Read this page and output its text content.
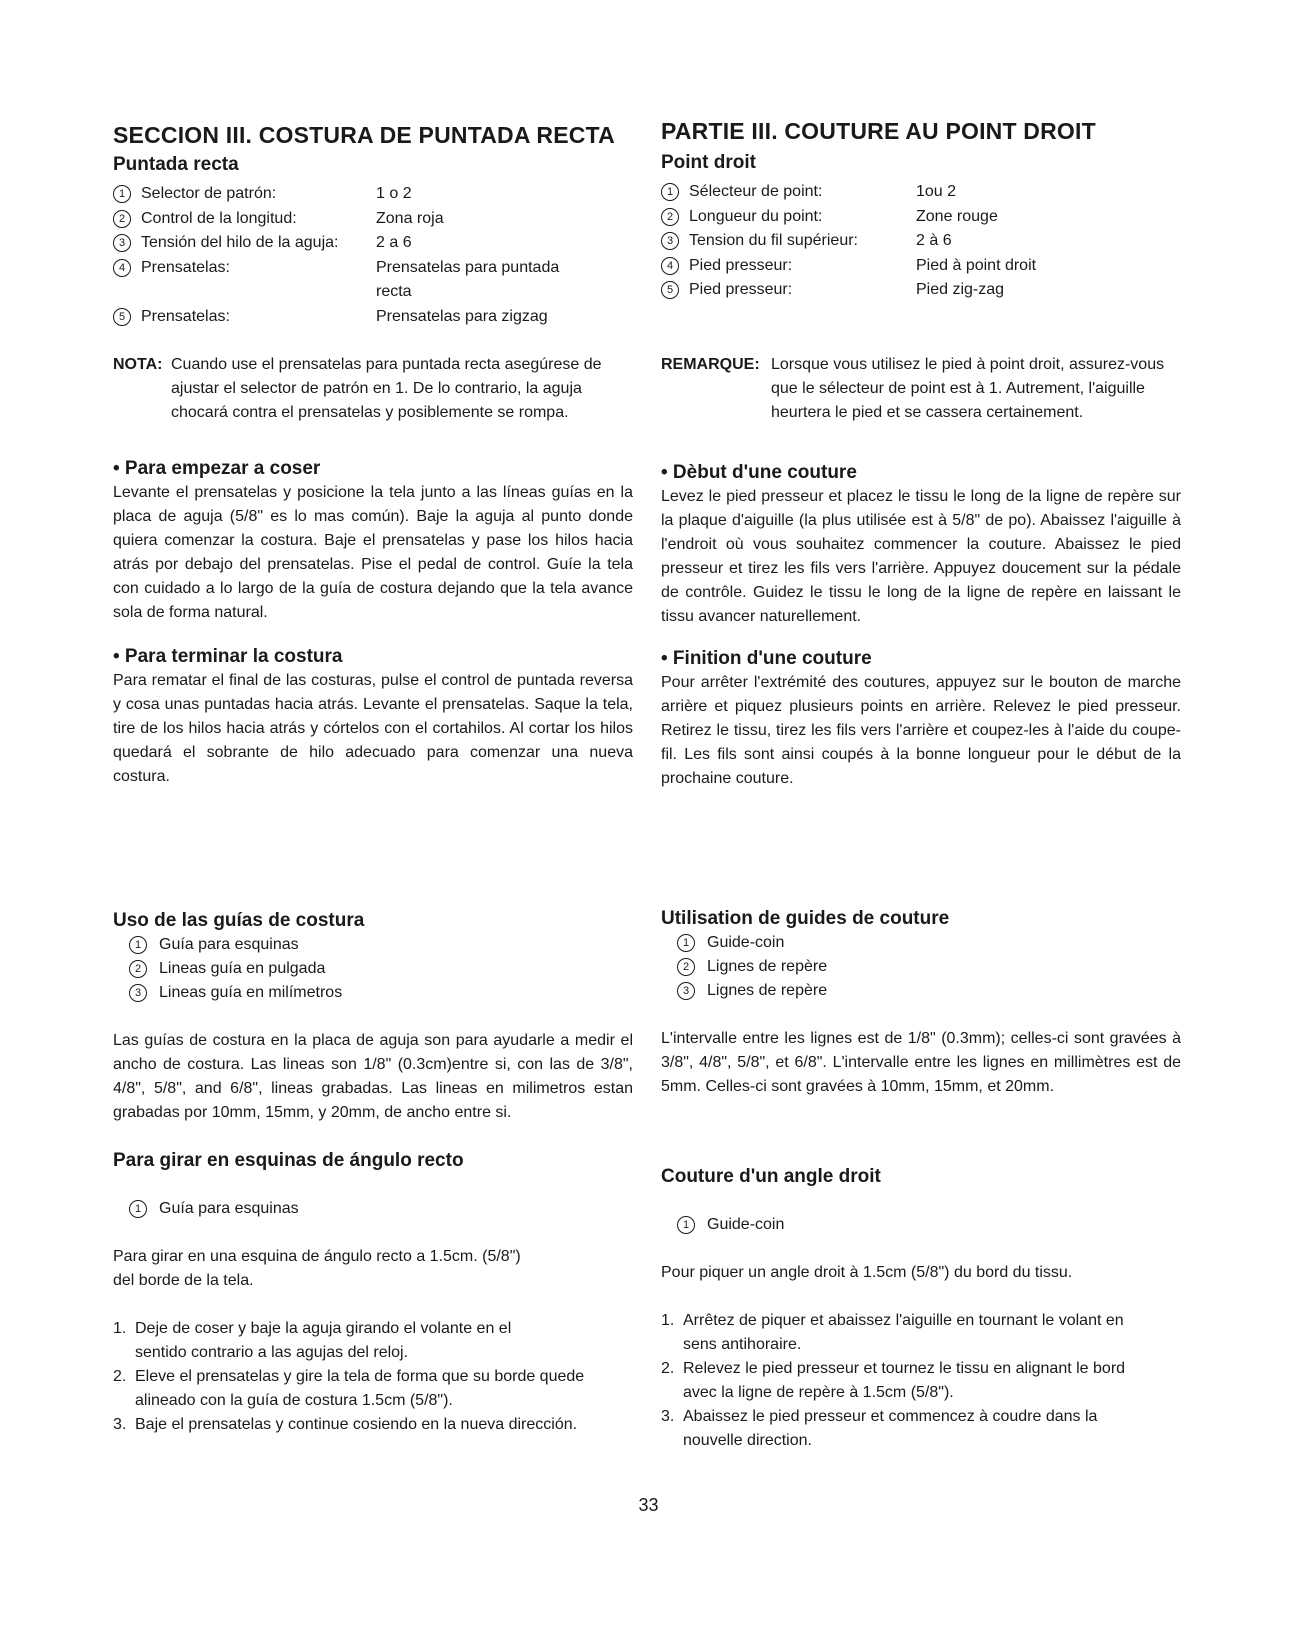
SECCION III. COSTURA DE PUNTADA RECTA
Puntada recta
1 Selector de patrón:	1 o 2
2 Control de la longitud:	Zona roja
3 Tensión del hilo de la aguja:	2 a 6
4 Prensatelas:	Prensatelas para puntada recta
5 Prensatelas:	Prensatelas para zigzag
NOTA: Cuando use el prensatelas para puntada recta asegúrese de ajustar el selector de patrón en 1. De lo contrario, la aguja chocará contra el prensatelas y posiblemente se rompa.
• Para empezar a coser

Levante el prensatelas y posicione la tela junto a las líneas guías en la placa de aguja (5/8" es lo mas común). Baje la aguja al punto donde quiera comenzar la costura. Baje el prensatelas y pase los hilos hacia atrás por debajo del prensatelas. Pise el pedal de control. Guíe la tela con cuidado a lo largo de la guía de costura dejando que la tela avance sola de forma natural.

• Para terminar la costura

Para rematar el final de las costuras, pulse el control de puntada reversa y cosa unas puntadas hacia atrás. Levante el prensatelas. Saque la tela, tire de los hilos hacia atrás y córtelos con el cortahilos. Al cortar los hilos quedará el sobrante de hilo adecuado para comenzar una nueva costura.

Uso de las guías de costura
1	Guía para esquinas
2	Lineas guía en pulgada
3	Lineas guía en milímetros

Las guías de costura en la placa de aguja son para ayudarle a medir el ancho de costura. Las lineas son 1/8" (0.3cm)entre si, con las de 3/8", 4/8", 5/8", and 6/8", lineas grabadas. Las lineas en milimetros estan grabadas por 10mm, 15mm, y 20mm, de ancho entre si.

Para girar en esquinas de ángulo recto
1	Guía para esquinas

Para girar en una esquina de ángulo recto a 1.5cm. (5/8") del borde de la tela.

1. Deje de coser y baje la aguja girando el volante en el sentido contrario a las agujas del reloj.
2. Eleve el prensatelas y gire la tela de forma que su borde quede alineado con la guía de costura 1.5cm (5/8").
3. Baje el prensatelas y continue cosiendo en la nueva dirección.
PARTIE III. COUTURE AU POINT DROIT
Point droit
1 Sélecteur de point:	1ou 2
2 Longueur du point:	Zone rouge
3 Tension du fil supérieur:	2 à 6
4 Pied presseur:	Pied à point droit
5 Pied presseur:	Pied zig-zag
REMARQUE: Lorsque vous utilisez le pied à point droit, assurez-vous que le sélecteur de point est à 1. Autrement, l'aiguille heurtera le pied et se cassera certainement.
• Dèbut d'une couture

Levez le pied presseur et placez le tissu le long de la ligne de repère sur la plaque d'aiguille (la plus utilisée est à 5/8" de po). Abaissez l'aiguille à l'endroit où vous souhaitez commencer la couture. Abaissez le pied presseur et tirez les fils vers l'arrière. Appuyez doucement sur la pédale de contrôle. Guidez le tissu le long de la ligne de repère en laissant le tissu avancer naturellement.

• Finition d'une couture

Pour arrêter l'extrémité des coutures, appuyez sur le bouton de marche arrière et piquez plusieurs points en arrière. Relevez le pied presseur. Retirez le tissu, tirez les fils vers l'arrière et coupez-les à l'aide du coupe-fil. Les fils sont ainsi coupés à la bonne longueur pour le début de la prochaine couture.

Utilisation de guides de couture
1	Guide-coin
2	Lignes de repère
3	Lignes de repère

L'intervalle entre les lignes est de 1/8" (0.3mm); celles-ci sont gravées à 3/8", 4/8", 5/8", et 6/8". L'intervalle entre les lignes en millimètres est de 5mm. Celles-ci sont gravées à 10mm, 15mm, et 20mm.

Couture d'un angle droit
1	Guide-coin

Pour piquer un angle droit à 1.5cm (5/8") du bord du tissu.

1. Arrêtez de piquer et abaissez l'aiguille en tournant le volant en sens antihoraire.
2. Relevez le pied presseur et tournez le tissu en alignant le bord avec la ligne de repère à 1.5cm (5/8").
3. Abaissez le pied presseur et commencez à coudre dans la nouvelle direction.
33
